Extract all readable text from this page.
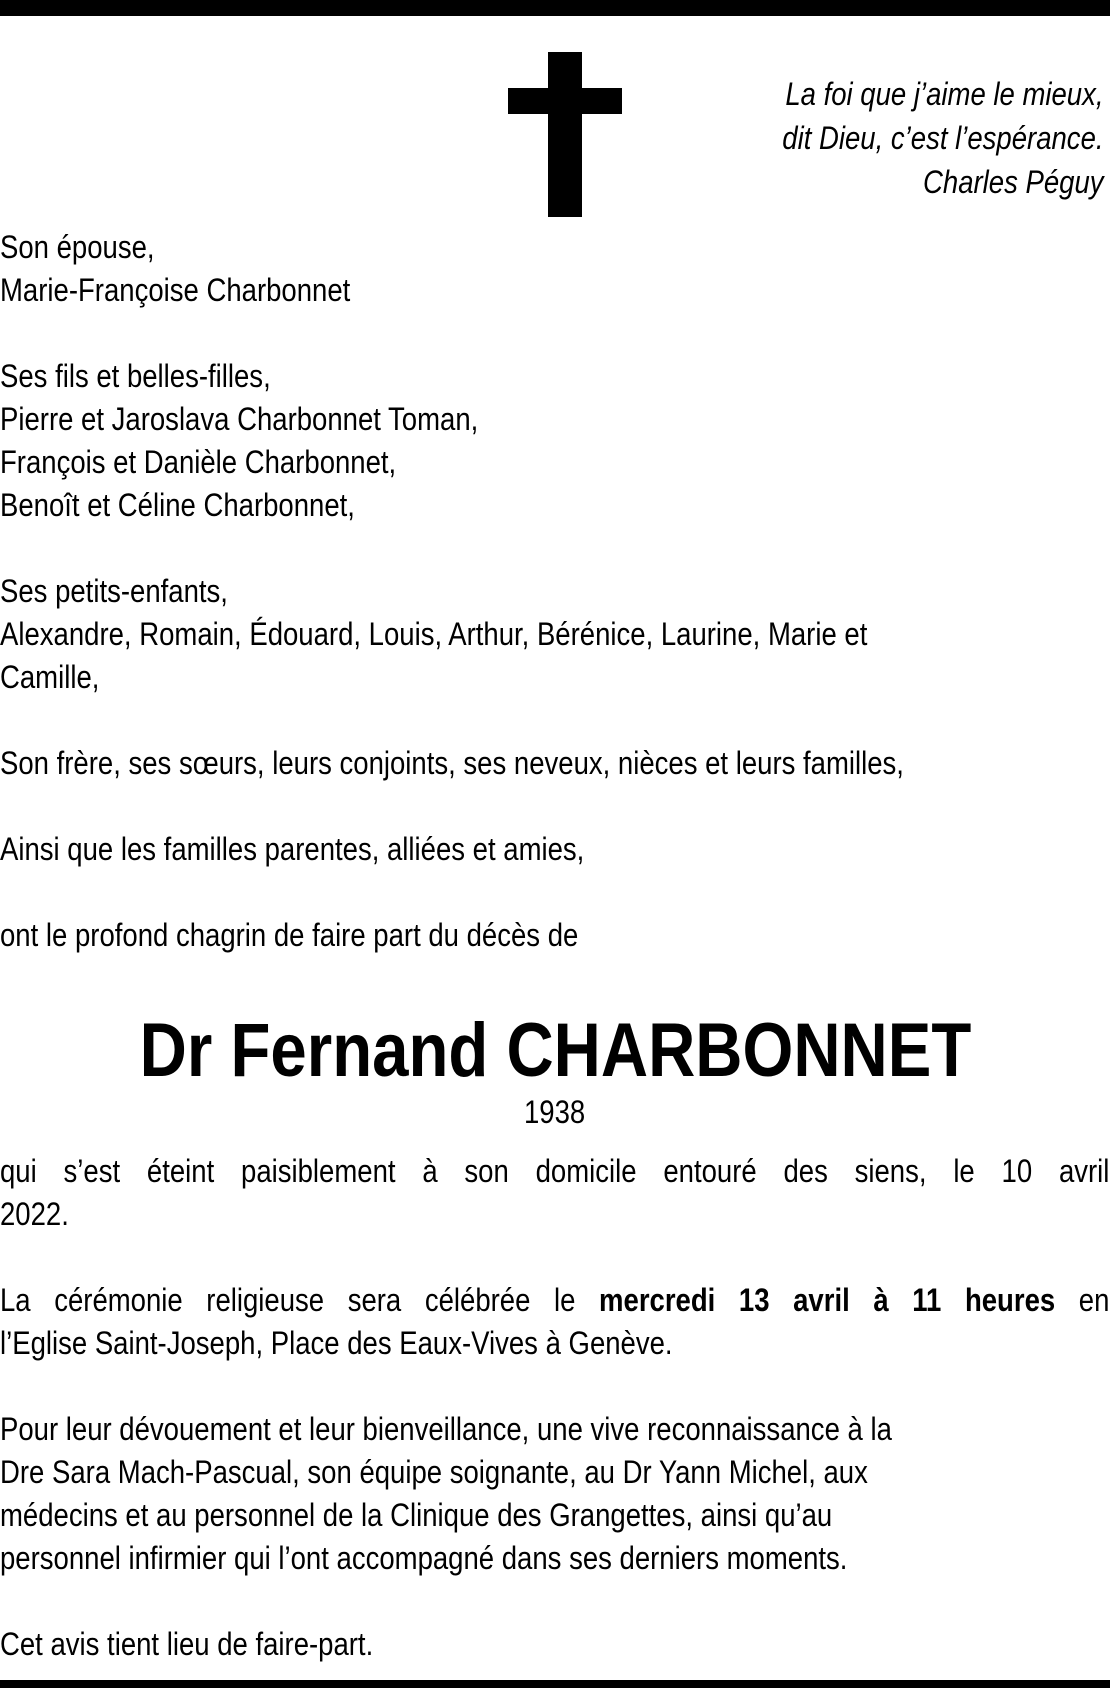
La foi que j’aime le mieux,
dit Dieu, c’est l’espérance.
Charles Péguy
Son épouse,
Marie-Françoise Charbonnet
Ses fils et belles-filles,
Pierre et Jaroslava Charbonnet Toman,
François et Danièle Charbonnet,
Benoît et Céline Charbonnet,
Ses petits-enfants,
Alexandre, Romain, Édouard, Louis, Arthur, Bérénice, Laurine, Marie et
Camille,
Son frère, ses sœurs, leurs conjoints, ses neveux, nièces et leurs familles,
Ainsi que les familles parentes, alliées et amies,
ont le profond chagrin de faire part du décès de
Dr Fernand CHARBONNET
1938
qui s’est éteint paisiblement à son domicile entouré des siens, le 10 avril
2022.
La cérémonie religieuse sera célébrée le mercredi 13 avril à 11 heures en
l’Eglise Saint-Joseph, Place des Eaux-Vives à Genève.
Pour leur dévouement et leur bienveillance, une vive reconnaissance à la
Dre Sara Mach-Pascual, son équipe soignante, au Dr Yann Michel, aux
médecins et au personnel de la Clinique des Grangettes, ainsi qu’au
personnel infirmier qui l’ont accompagné dans ses derniers moments.
Cet avis tient lieu de faire-part.
